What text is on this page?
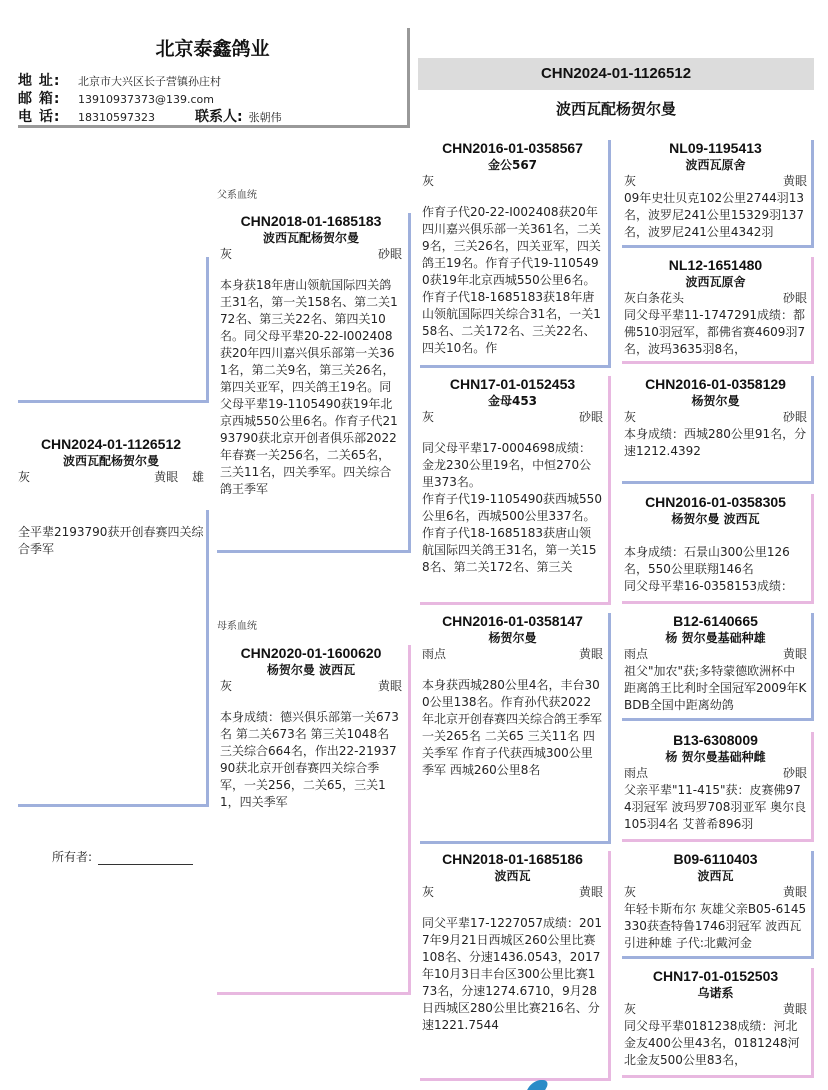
北京泰鑫鸽业
地 址:	北京市大兴区长子营镇孙庄村
邮 箱:	13910937373@139.com
电 话:	18310597323	联系人: 张朝伟
CHN2024-01-1126512
波西瓦配杨贺尔曼
CHN2024-01-1126512
波西瓦配杨贺尔曼
灰	黄眼 雄
全平辈2193790获开创春赛四关综合季军
所有者:
父系血统
母系血统
CHN2018-01-1685183
波西瓦配杨贺尔曼
灰	砂眼
本身获18年唐山领航国际四关鸽王31名，第一关158名、第二关172名、第三关22名、第四关10名。同父母平辈20-22-I002408获20年四川嘉兴俱乐部第一关361名，第二关9名，第三关26名，第四关亚军，四关鸽王19名。同父母平辈19-1105490获19年北京西城550公里6名。作育子代2193790获北京开创者俱乐部2022年春赛一关256名，二关65名，三关11名，四关季军。四关综合鸽王季军
CHN2020-01-1600620
杨贺尔曼 波西瓦
灰	黄眼
本身成绩：德兴俱乐部第一关673名 第二关673名 第三关1048名 三关综合664名，作出22-2193790获北京开创春赛四关综合季军，一关256，二关65，三关11，四关季军
CHN2016-01-0358567
金公567
灰
作育子代20-22-I002408获20年四川嘉兴俱乐部一关361名，二关9名，三关26名，四关亚军，四关鸽王19名。作育子代19-1105490获19年北京西城550公里6名。作育子代18-1685183获18年唐山领航国际四关综合31名，一关158名、二关172名、三关22名、四关10名。作
CHN17-01-0152453
金母453
灰	砂眼
同父母平辈17-0004698成绩：金龙230公里19名，中恒270公里373名。
作育子代19-1105490获西城550公里6名，西城500公里337名。
作育子代18-1685183获唐山领航国际四关鸽王31名，第一关158名、第二关172名、第三关
CHN2016-01-0358147
杨贺尔曼
雨点	黄眼
本身获西城280公里4名，丰台300公里138名。作育孙代获2022年北京开创春赛四关综合鸽王季军 一关265名 二关65 三关11名 四关季军 作育子代获西城300公里季军 西城260公里8名
CHN2018-01-1685186
波西瓦
灰	黄眼
同父平辈17-1227057成绩：2017年9月21日西城区260公里比赛108名、分速1436.0543，2017年10月3日丰台区300公里比赛173名，分速1274.6710，9月28日西城区280公里比赛216名、分速1221.7544
NL09-1195413
波西瓦原舍
灰	黄眼
09年史壮贝克102公里2744羽13名，波罗尼241公里15329羽137名，波罗尼241公里4342羽
NL12-1651480
波西瓦原舍
灰白条花头	砂眼
同父母平辈11-1747291成绩：都佛510羽冠军，都佛省赛4609羽7名，波玛3635羽8名，
CHN2016-01-0358129
杨贺尔曼
灰	砂眼
本身成绩：西城280公里91名，分速1212.4392
CHN2016-01-0358305
杨贺尔曼 波西瓦
本身成绩：石景山300公里126名，550公里联翔146名
同父母平辈16-0358153成绩：
B12-6140665
杨 贺尔曼基础种雄
雨点	黄眼
祖父"加农"获;多特蒙德欧洲杯中距离鸽王比利时全国冠军2009年KBDB全国中距离幼鸽
B13-6308009
杨 贺尔曼基础种雌
雨点	砂眼
父亲平辈"11-415"获：皮赛佛974羽冠军 波玛罗708羽亚军 奥尔良105羽4名 艾普希896羽
B09-6110403
波西瓦
灰	黄眼
年轻卡斯布尔 灰雄父亲B05-6145330获查特鲁1746羽冠军 波西瓦引进种雄 子代:北戴河金
CHN17-01-0152503
乌诺系
灰	黄眼
同父母平辈0181238成绩：河北金友400公里43名，0181248河北金友500公里83名，
